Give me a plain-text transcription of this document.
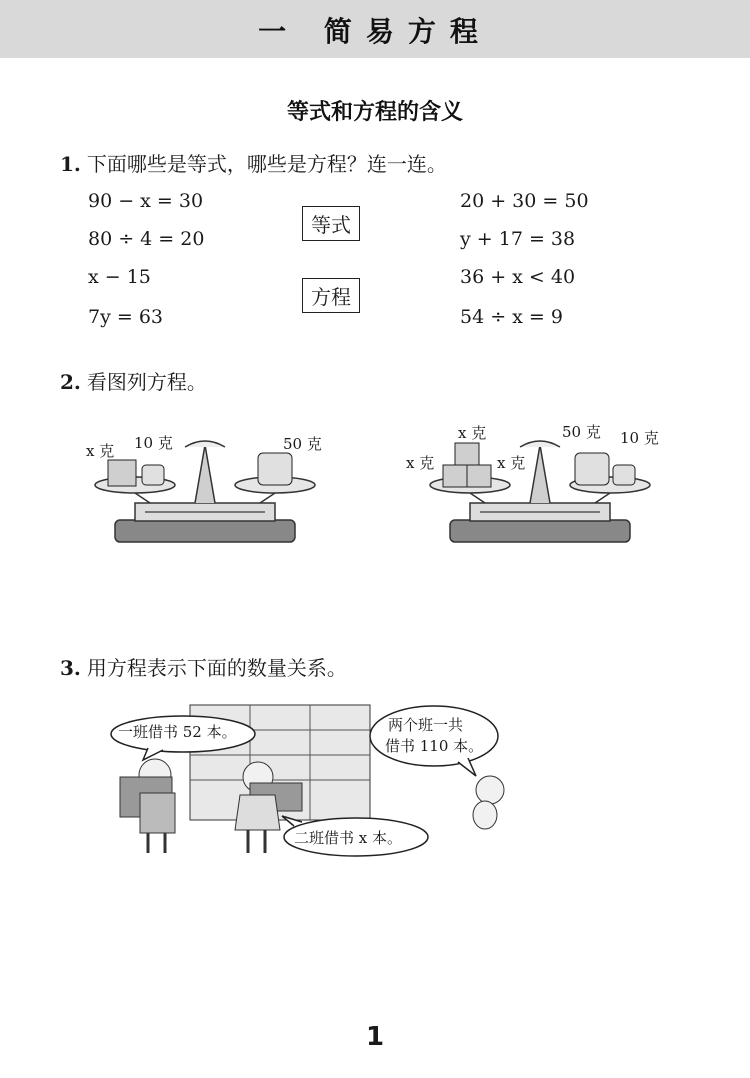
一 简易方程
等式和方程的含义
1. 下面哪些是等式，哪些是方程？连一连。
90 − x = 30
80 ÷ 4 = 20
x − 15
7y = 63
等式
方程
20 + 30 = 50
y + 17 = 38
36 + x < 40
54 ÷ x = 9
2. 看图列方程。
x 克 10 克	50 克
x 克
x 克	x 克
50 克 10 克
3. 用方程表示下面的数量关系。
一班借书 52 本。	两个班一共
借书 110 本。
二班借书 x 本。
1
